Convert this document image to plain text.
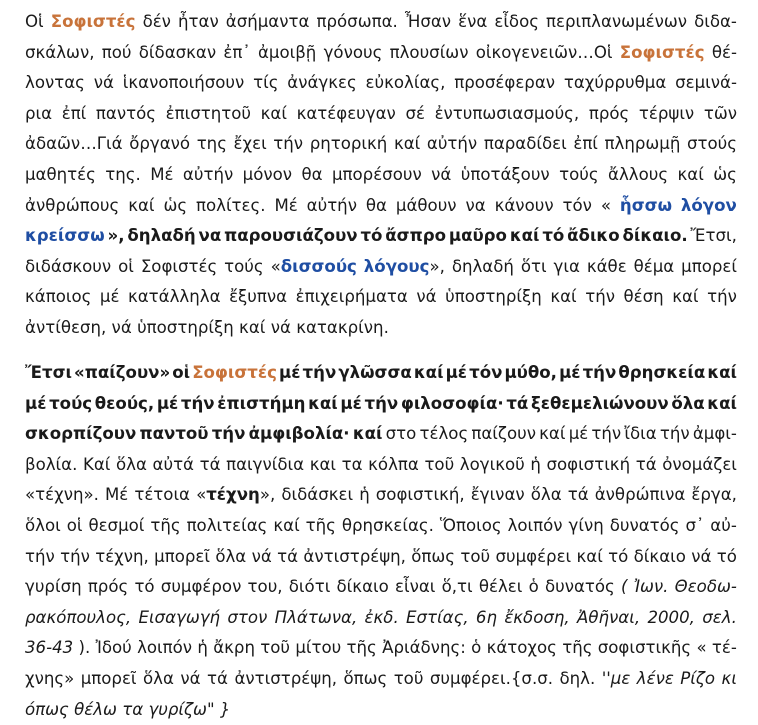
Οἱ Σοφιστές δέν ἦταν ἀσήμαντα πρόσωπα. Ἦσαν ἕνα εἶδος περιπλανωμένων διδα-
σκάλων, πού δίδασκαν ἐπ᾿ ἀμοιβῇ γόνους πλουσίων οἰκογενειῶν…Οἱ Σοφιστές θέ-
λοντας νά ἱκανοποιήσουν τίς ἀνάγκες εὐκολίας, προσέφεραν ταχύρρυθμα σεμινά-
ρια ἐπί παντός ἐπιστητοῦ καί κατέφευγαν σέ ἐντυπωσιασμούς, πρός τέρψιν τῶν
ἀδαῶν…Γιά ὄργανό της ἔχει τήν ρητορική καί αὐτήν παραδίδει ἐπί πληρωμῇ στούς
μαθητές της. Μέ αὐτήν μόνον θα μπορέσουν νά ὑποτάξουν τούς ἄλλους καί ὡς
ἀνθρώπους καί ὡς πολίτες. Μέ αὐτήν θα μάθουν να κάνουν τόν « ἧσσω λόγον
κρείσσω », δηλαδή να παρουσιάζουν τό ἄσπρο μαῦρο καί τό ἄδικο δίκαιο. Ἔτσι,
διδάσκουν οἱ Σοφιστές τούς «δισσούς λόγους», δηλαδή ὅτι για κάθε θέμα μπορεί
κάποιος μέ κατάλληλα ἔξυπνα ἐπιχειρήματα νά ὑποστηρίξη καί τήν θέση καί τήν
ἀντίθεση, νά ὑποστηρίξη καί νά κατακρίνη.
Ἔτσι «παίζουν» οἱ Σοφιστές μέ τήν γλῶσσα καί μέ τόν μύθο, μέ τήν θρησκεία καί
μέ τούς θεούς, μέ τήν ἐπιστήμη καί μέ τήν φιλοσοφία· τά ξεθεμελιώνουν ὅλα καί
σκορπίζουν παντοῦ τήν ἀμφιβολία· καί στο τέλος παίζουν καί μέ τήν ἴδια τήν ἀμφι-
βολία. Καί ὅλα αὐτά τά παιγνίδια και τα κόλπα τοῦ λογικοῦ ἡ σοφιστική τά ὀνομάζει
«τέχνη». Μέ τέτοια «τέχνη», διδάσκει ἡ σοφιστική, ἔγιναν ὅλα τά ἀνθρώπινα ἔργα,
ὅλοι οἱ θεσμοί τῆς πολιτείας καί τῆς θρησκείας. Ὅποιος λοιπόν γίνη δυνατός σ᾿ αὐ-
τήν τήν τέχνη, μπορεῖ ὅλα νά τά ἀντιστρέψη, ὅπως τοῦ συμφέρει καί τό δίκαιο νά τό
γυρίση πρός τό συμφέρον του, διότι δίκαιο εἶναι ὅ,τι θέλει ὁ δυνατός ( Ἰων. Θεοδω-
ρακόπουλος, Εισαγωγή στον Πλάτωνα, ἐκδ. Εστίας, 6η ἔκδοση, Ἀθῆναι, 2000, σελ.
36-43 ). Ἰδού λοιπόν ἡ ἄκρη τοῦ μίτου τῆς Ἀριάδνης: ὁ κάτοχος τῆς σοφιστικῆς « τέ-
χνης» μπορεῖ ὅλα νά τά ἀντιστρέψη, ὅπως τοῦ συμφέρει.{σ.σ. δηλ. ''με λένε Ρίζο κι
όπως θέλω τα γυρίζω" }
